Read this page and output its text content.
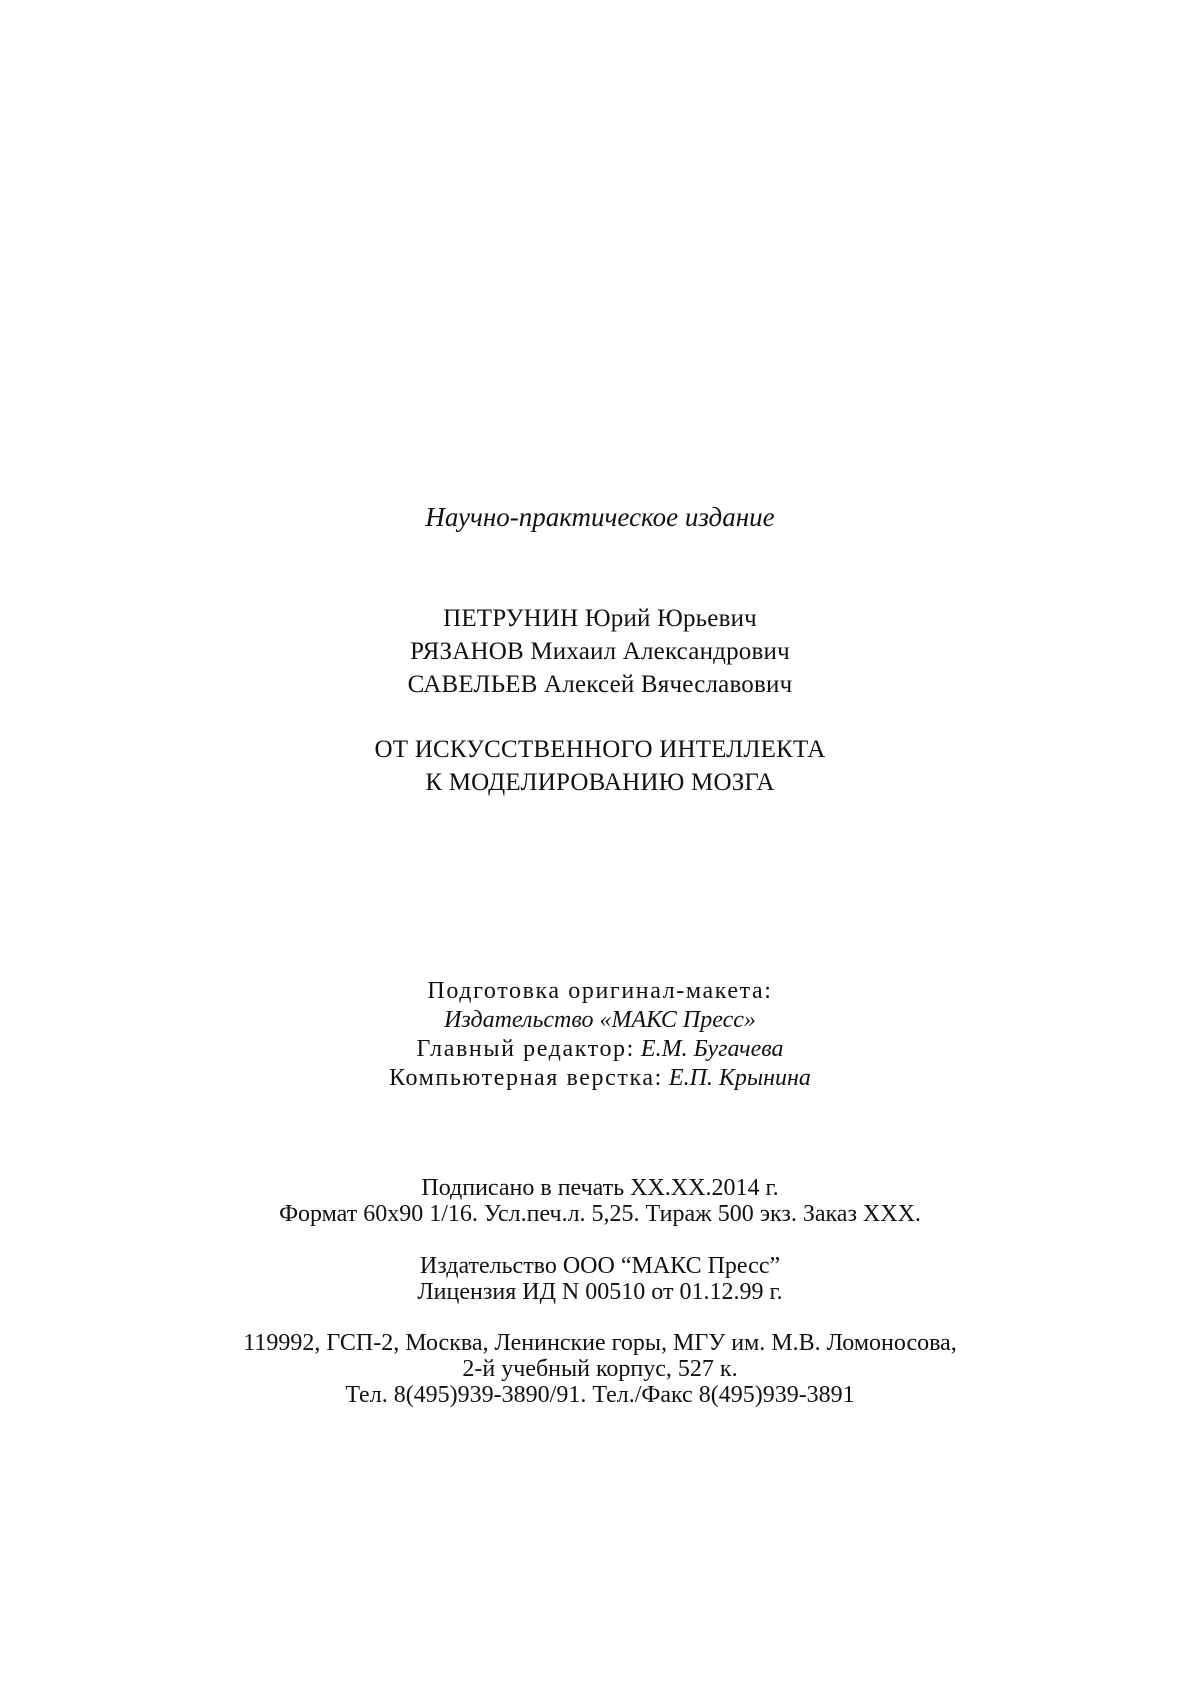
Научно-практическое издание
ПЕТРУНИН Юрий Юрьевич
РЯЗАНОВ Михаил Александрович
САВЕЛЬЕВ Алексей Вячеславович
ОТ ИСКУССТВЕННОГО ИНТЕЛЛЕКТА
К МОДЕЛИРОВАНИЮ МОЗГА
Подготовка оригинал-макета:
Издательство «МАКС Пресс»
Главный редактор: Е.М. Бугачева
Компьютерная верстка: Е.П. Крынина
Подписано в печать XX.XX.2014 г.
Формат 60х90 1/16. Усл.печ.л. 5,25. Тираж 500 экз. Заказ XXX.
Издательство ООО “МАКС Пресс”
Лицензия ИД N 00510 от 01.12.99 г.
119992, ГСП-2, Москва, Ленинские горы, МГУ им. М.В. Ломоносова,
2-й учебный корпус, 527 к.
Тел. 8(495)939-3890/91. Тел./Факс 8(495)939-3891
